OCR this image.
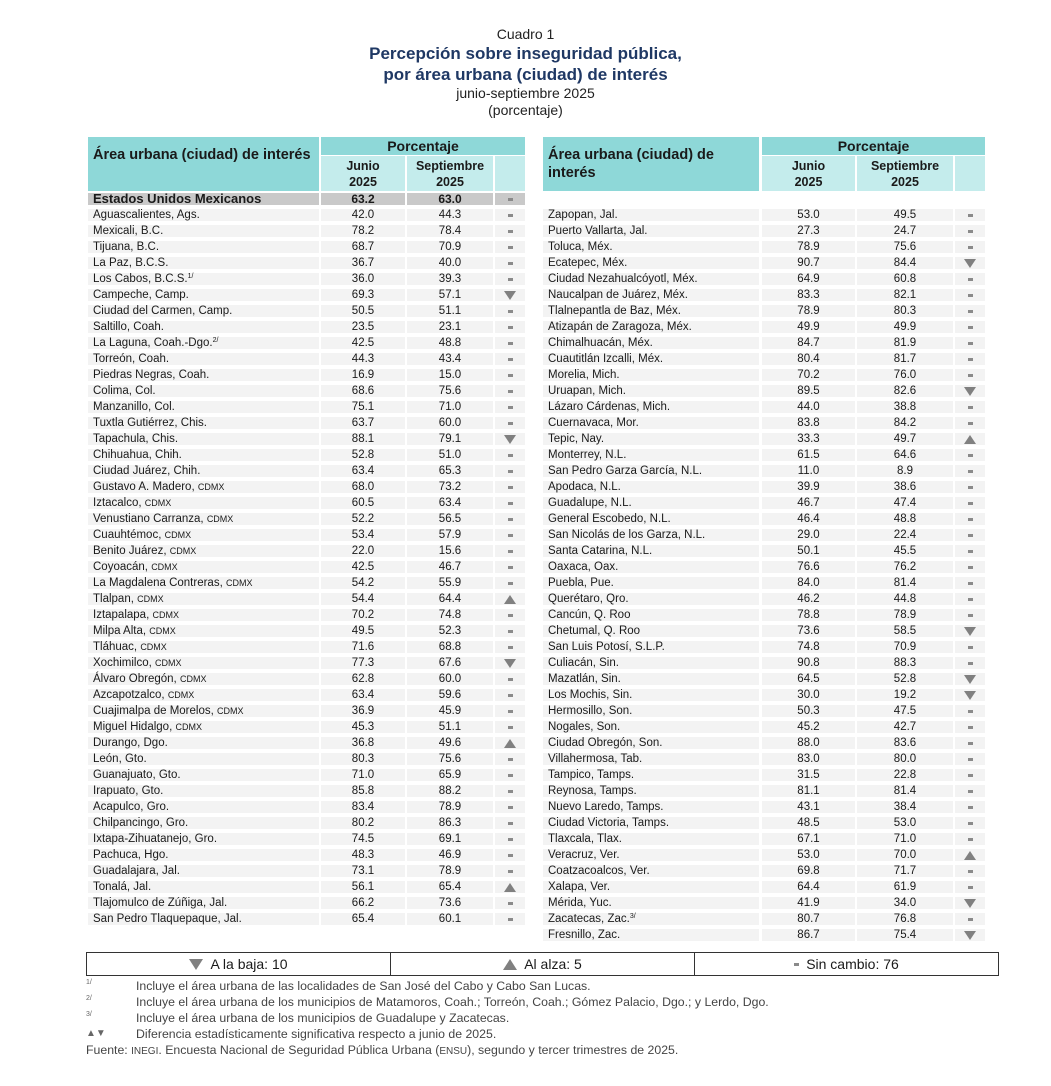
Cuadro 1
Percepción sobre inseguridad pública,
por área urbana (ciudad) de interés
junio-septiembre 2025
(porcentaje)
Área urbana (ciudad) de interés
Porcentaje
Junio
2025
Septiembre
2025
Estados Unidos Mexicanos	63.2	63.0
Aguascalientes, Ags.	42.0	44.3
Mexicali, B.C.	78.2	78.4
Tijuana, B.C.	68.7	70.9
La Paz, B.C.S.	36.7	40.0
Los Cabos, B.C.S.$^{1/}$	36.0	39.3
Campeche, Camp.	69.3	57.1
Ciudad del Carmen, Camp.	50.5	51.1
Saltillo, Coah.	23.5	23.1
La Laguna, Coah.-Dgo.$^{2/}$	42.5	48.8
Torreón, Coah.	44.3	43.4
Piedras Negras, Coah.	16.9	15.0
Colima, Col.	68.6	75.6
Manzanillo, Col.	75.1	71.0
Tuxtla Gutiérrez, Chis.	63.7	60.0
Tapachula, Chis.	88.1	79.1
Chihuahua, Chih.	52.8	51.0
Ciudad Juárez, Chih.	63.4	65.3
Gustavo A. Madero, CDMX	68.0	73.2
Iztacalco, CDMX	60.5	63.4
Venustiano Carranza, CDMX	52.2	56.5
Cuauhtémoc, CDMX	53.4	57.9
Benito Juárez, CDMX	22.0	15.6
Coyoacán, CDMX	42.5	46.7
La Magdalena Contreras, CDMX	54.2	55.9
Tlalpan, CDMX	54.4	64.4
Iztapalapa, CDMX	70.2	74.8
Milpa Alta, CDMX	49.5	52.3
Tláhuac, CDMX	71.6	68.8
Xochimilco, CDMX	77.3	67.6
Álvaro Obregón, CDMX	62.8	60.0
Azcapotzalco, CDMX	63.4	59.6
Cuajimalpa de Morelos, CDMX	36.9	45.9
Miguel Hidalgo, CDMX	45.3	51.1
Durango, Dgo.	36.8	49.6
León, Gto.	80.3	75.6
Guanajuato, Gto.	71.0	65.9
Irapuato, Gto.	85.8	88.2
Acapulco, Gro.	83.4	78.9
Chilpancingo, Gro.	80.2	86.3
Ixtapa-Zihuatanejo, Gro.	74.5	69.1
Pachuca, Hgo.	48.3	46.9
Guadalajara, Jal.	73.1	78.9
Tonalá, Jal.	56.1	65.4
Tlajomulco de Zúñiga, Jal.	66.2	73.6
San Pedro Tlaquepaque, Jal.	65.4	60.1
Área urbana (ciudad) de interés
Porcentaje
Junio
2025
Septiembre
2025
Zapopan, Jal.	53.0	49.5
Puerto Vallarta, Jal.	27.3	24.7
Toluca, Méx.	78.9	75.6
Ecatepec, Méx.	90.7	84.4
Ciudad Nezahualcóyotl, Méx.	64.9	60.8
Naucalpan de Juárez, Méx.	83.3	82.1
Tlalnepantla de Baz, Méx.	78.9	80.3
Atizapán de Zaragoza, Méx.	49.9	49.9
Chimalhuacán, Méx.	84.7	81.9
Cuautitlán Izcalli, Méx.	80.4	81.7
Morelia, Mich.	70.2	76.0
Uruapan, Mich.	89.5	82.6
Lázaro Cárdenas, Mich.	44.0	38.8
Cuernavaca, Mor.	83.8	84.2
Tepic, Nay.	33.3	49.7
Monterrey, N.L.	61.5	64.6
San Pedro Garza García, N.L.	11.0	8.9
Apodaca, N.L.	39.9	38.6
Guadalupe, N.L.	46.7	47.4
General Escobedo, N.L.	46.4	48.8
San Nicolás de los Garza, N.L.	29.0	22.4
Santa Catarina, N.L.	50.1	45.5
Oaxaca, Oax.	76.6	76.2
Puebla, Pue.	84.0	81.4
Querétaro, Qro.	46.2	44.8
Cancún, Q. Roo	78.8	78.9
Chetumal, Q. Roo	73.6	58.5
San Luis Potosí, S.L.P.	74.8	70.9
Culiacán, Sin.	90.8	88.3
Mazatlán, Sin.	64.5	52.8
Los Mochis, Sin.	30.0	19.2
Hermosillo, Son.	50.3	47.5
Nogales, Son.	45.2	42.7
Ciudad Obregón, Son.	88.0	83.6
Villahermosa, Tab.	83.0	80.0
Tampico, Tamps.	31.5	22.8
Reynosa, Tamps.	81.1	81.4
Nuevo Laredo, Tamps.	43.1	38.4
Ciudad Victoria, Tamps.	48.5	53.0
Tlaxcala, Tlax.	67.1	71.0
Veracruz, Ver.	53.0	70.0
Coatzacoalcos, Ver.	69.8	71.7
Xalapa, Ver.	64.4	61.9
Mérida, Yuc.	41.9	34.0
Zacatecas, Zac.$^{3/}$	80.7	76.8
Fresnillo, Zac.	86.7	75.4
A la baja: 10	Al alza: 5	Sin cambio: 76
1/	Incluye el área urbana de las localidades de San José del Cabo y Cabo San Lucas.
2/	Incluye el área urbana de los municipios de Matamoros, Coah.; Torreón, Coah.; Gómez Palacio, Dgo.; y Lerdo, Dgo.
3/	Incluye el área urbana de los municipios de Guadalupe y Zacatecas.
▲▼ Diferencia estadísticamente significativa respecto a junio de 2025.
Fuente: INEGI. Encuesta Nacional de Seguridad Pública Urbana (ENSU), segundo y tercer trimestres de 2025.
